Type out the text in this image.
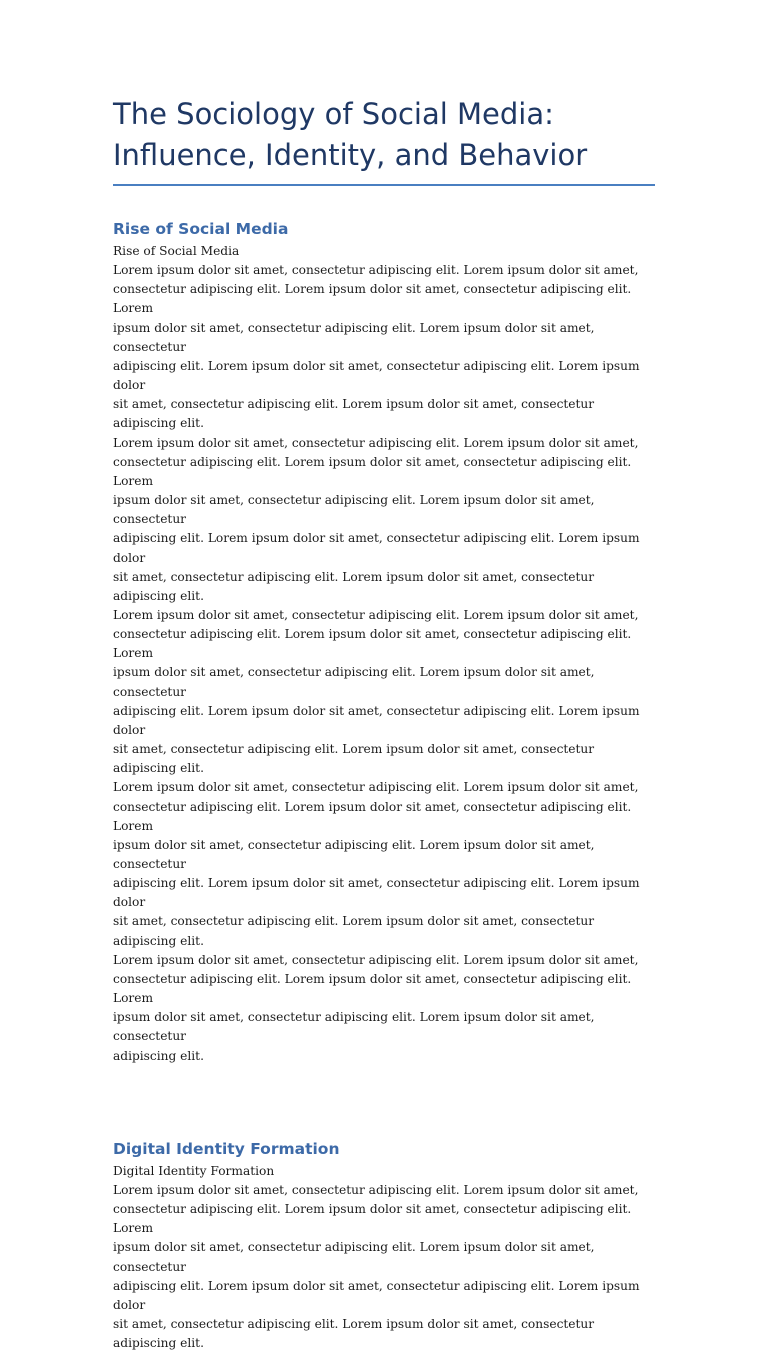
The Sociology of Social Media: Influence, Identity, and Behavior
Rise of Social Media

Rise of Social Media

Lorem ipsum dolor sit amet, consectetur adipiscing elit. Lorem ipsum dolor sit amet,
consectetur adipiscing elit. Lorem ipsum dolor sit amet, consectetur adipiscing elit. Lorem
ipsum dolor sit amet, consectetur adipiscing elit. Lorem ipsum dolor sit amet, consectetur
adipiscing elit. Lorem ipsum dolor sit amet, consectetur adipiscing elit. Lorem ipsum dolor
sit amet, consectetur adipiscing elit. Lorem ipsum dolor sit amet, consectetur adipiscing elit.
Lorem ipsum dolor sit amet, consectetur adipiscing elit. Lorem ipsum dolor sit amet,
consectetur adipiscing elit. Lorem ipsum dolor sit amet, consectetur adipiscing elit. Lorem
ipsum dolor sit amet, consectetur adipiscing elit. Lorem ipsum dolor sit amet, consectetur
adipiscing elit. Lorem ipsum dolor sit amet, consectetur adipiscing elit. Lorem ipsum dolor
sit amet, consectetur adipiscing elit. Lorem ipsum dolor sit amet, consectetur adipiscing elit.
Lorem ipsum dolor sit amet, consectetur adipiscing elit. Lorem ipsum dolor sit amet,
consectetur adipiscing elit. Lorem ipsum dolor sit amet, consectetur adipiscing elit. Lorem
ipsum dolor sit amet, consectetur adipiscing elit. Lorem ipsum dolor sit amet, consectetur
adipiscing elit. Lorem ipsum dolor sit amet, consectetur adipiscing elit. Lorem ipsum dolor
sit amet, consectetur adipiscing elit. Lorem ipsum dolor sit amet, consectetur adipiscing elit.
Lorem ipsum dolor sit amet, consectetur adipiscing elit. Lorem ipsum dolor sit amet,
consectetur adipiscing elit. Lorem ipsum dolor sit amet, consectetur adipiscing elit. Lorem
ipsum dolor sit amet, consectetur adipiscing elit. Lorem ipsum dolor sit amet, consectetur
adipiscing elit. Lorem ipsum dolor sit amet, consectetur adipiscing elit. Lorem ipsum dolor
sit amet, consectetur adipiscing elit. Lorem ipsum dolor sit amet, consectetur adipiscing elit.
Lorem ipsum dolor sit amet, consectetur adipiscing elit. Lorem ipsum dolor sit amet,
consectetur adipiscing elit. Lorem ipsum dolor sit amet, consectetur adipiscing elit. Lorem
ipsum dolor sit amet, consectetur adipiscing elit. Lorem ipsum dolor sit amet, consectetur
adipiscing elit.

Digital Identity Formation

Digital Identity Formation

Lorem ipsum dolor sit amet, consectetur adipiscing elit. Lorem ipsum dolor sit amet,
consectetur adipiscing elit. Lorem ipsum dolor sit amet, consectetur adipiscing elit. Lorem
ipsum dolor sit amet, consectetur adipiscing elit. Lorem ipsum dolor sit amet, consectetur
adipiscing elit. Lorem ipsum dolor sit amet, consectetur adipiscing elit. Lorem ipsum dolor
sit amet, consectetur adipiscing elit. Lorem ipsum dolor sit amet, consectetur adipiscing elit.
